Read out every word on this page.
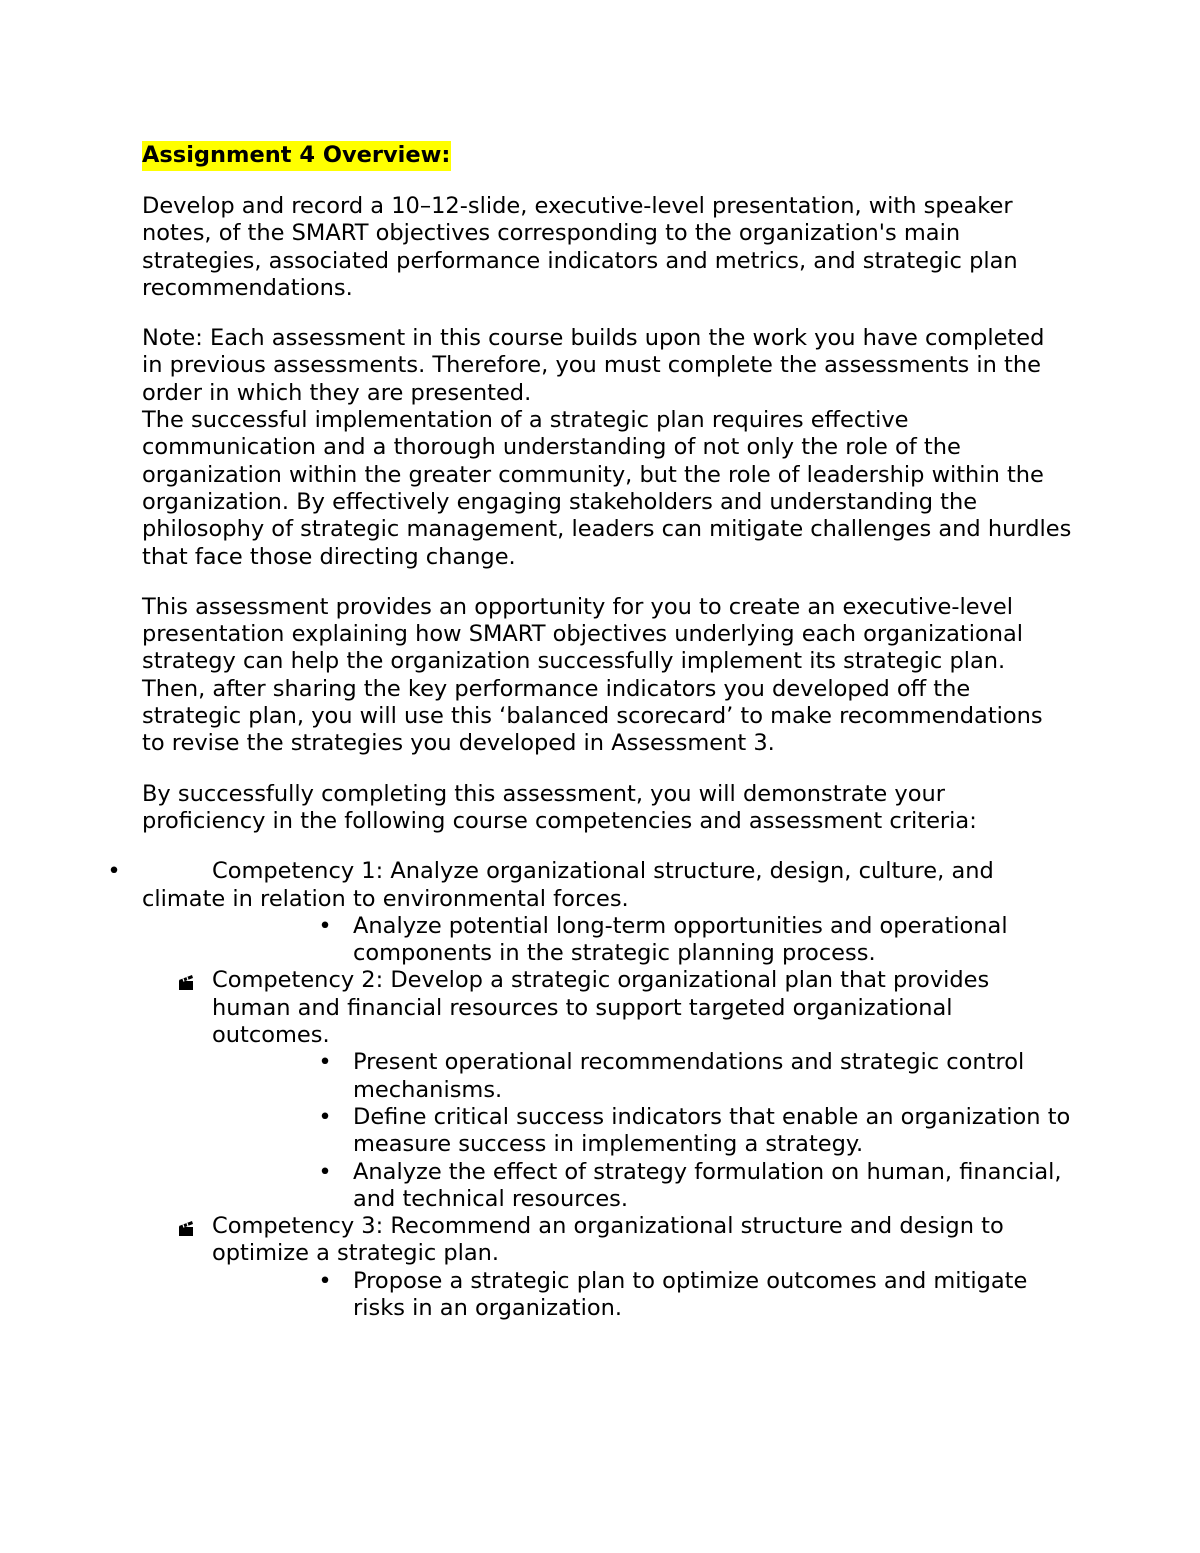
Assignment 4 Overview:

Develop and record a 10–12-slide, executive-level presentation, with speaker notes, of the SMART objectives corresponding to the organization's main strategies, associated performance indicators and metrics, and strategic plan recommendations.

Note: Each assessment in this course builds upon the work you have completed in previous assessments. Therefore, you must complete the assessments in the order in which they are presented.

The successful implementation of a strategic plan requires effective communication and a thorough understanding of not only the role of the organization within the greater community, but the role of leadership within the organization. By effectively engaging stakeholders and understanding the philosophy of strategic management, leaders can mitigate challenges and hurdles that face those directing change.

This assessment provides an opportunity for you to create an executive-level presentation explaining how SMART objectives underlying each organizational strategy can help the organization successfully implement its strategic plan. Then, after sharing the key performance indicators you developed off the strategic plan, you will use this ‘balanced scorecard’ to make recommendations to revise the strategies you developed in Assessment 3.

By successfully completing this assessment, you will demonstrate your proficiency in the following course competencies and assessment criteria:

•	Competency 1: Analyze organizational structure, design, culture, and climate in relation to environmental forces.
• Analyze potential long-term opportunities and operational components in the strategic planning process.
Competency 2: Develop a strategic organizational plan that provides human and financial resources to support targeted organizational outcomes.
• Present operational recommendations and strategic control mechanisms.
• Define critical success indicators that enable an organization to measure success in implementing a strategy.
• Analyze the effect of strategy formulation on human, financial, and technical resources.
Competency 3: Recommend an organizational structure and design to optimize a strategic plan.
• Propose a strategic plan to optimize outcomes and mitigate risks in an organization.
